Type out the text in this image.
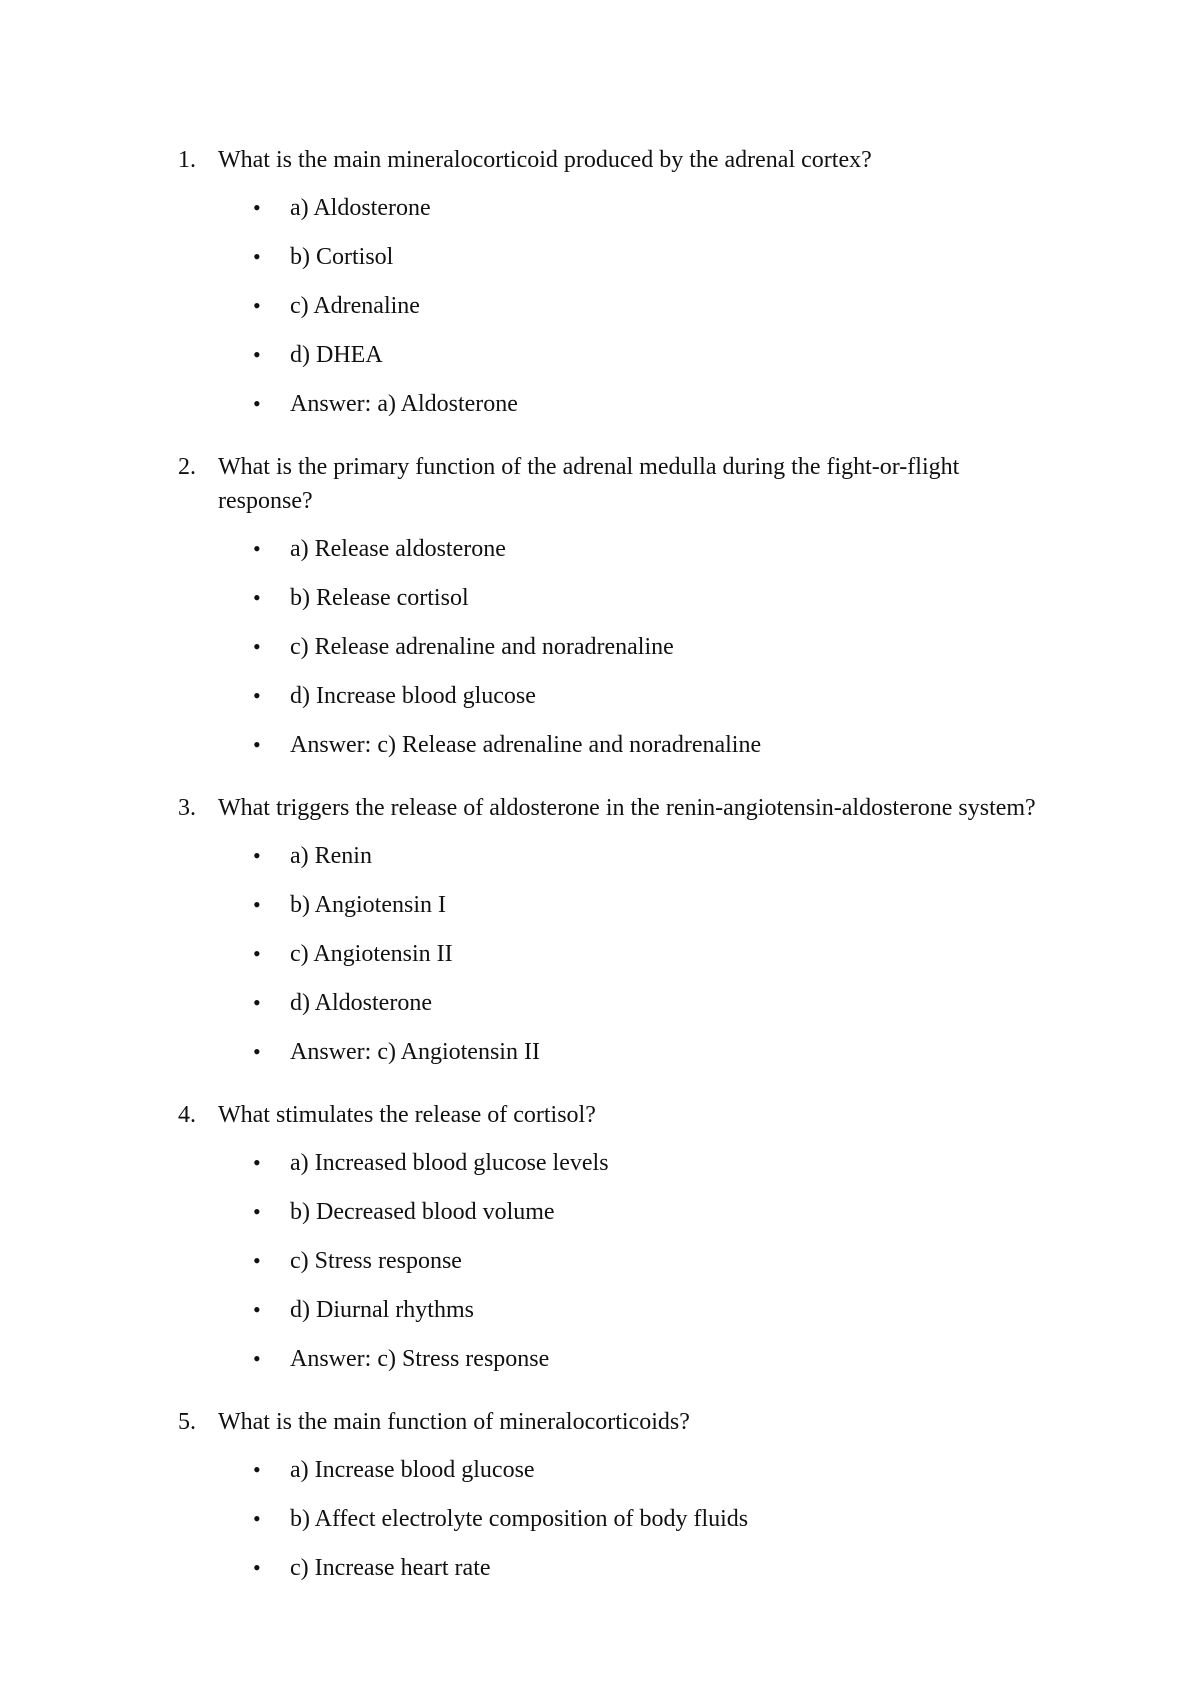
1. What is the main mineralocorticoid produced by the adrenal cortex?
• a) Aldosterone
• b) Cortisol
• c) Adrenaline
• d) DHEA
• Answer: a) Aldosterone
2. What is the primary function of the adrenal medulla during the fight-or-flight response?
• a) Release aldosterone
• b) Release cortisol
• c) Release adrenaline and noradrenaline
• d) Increase blood glucose
• Answer: c) Release adrenaline and noradrenaline
3. What triggers the release of aldosterone in the renin-angiotensin-aldosterone system?
• a) Renin
• b) Angiotensin I
• c) Angiotensin II
• d) Aldosterone
• Answer: c) Angiotensin II
4. What stimulates the release of cortisol?
• a) Increased blood glucose levels
• b) Decreased blood volume
• c) Stress response
• d) Diurnal rhythms
• Answer: c) Stress response
5. What is the main function of mineralocorticoids?
• a) Increase blood glucose
• b) Affect electrolyte composition of body fluids
• c) Increase heart rate
